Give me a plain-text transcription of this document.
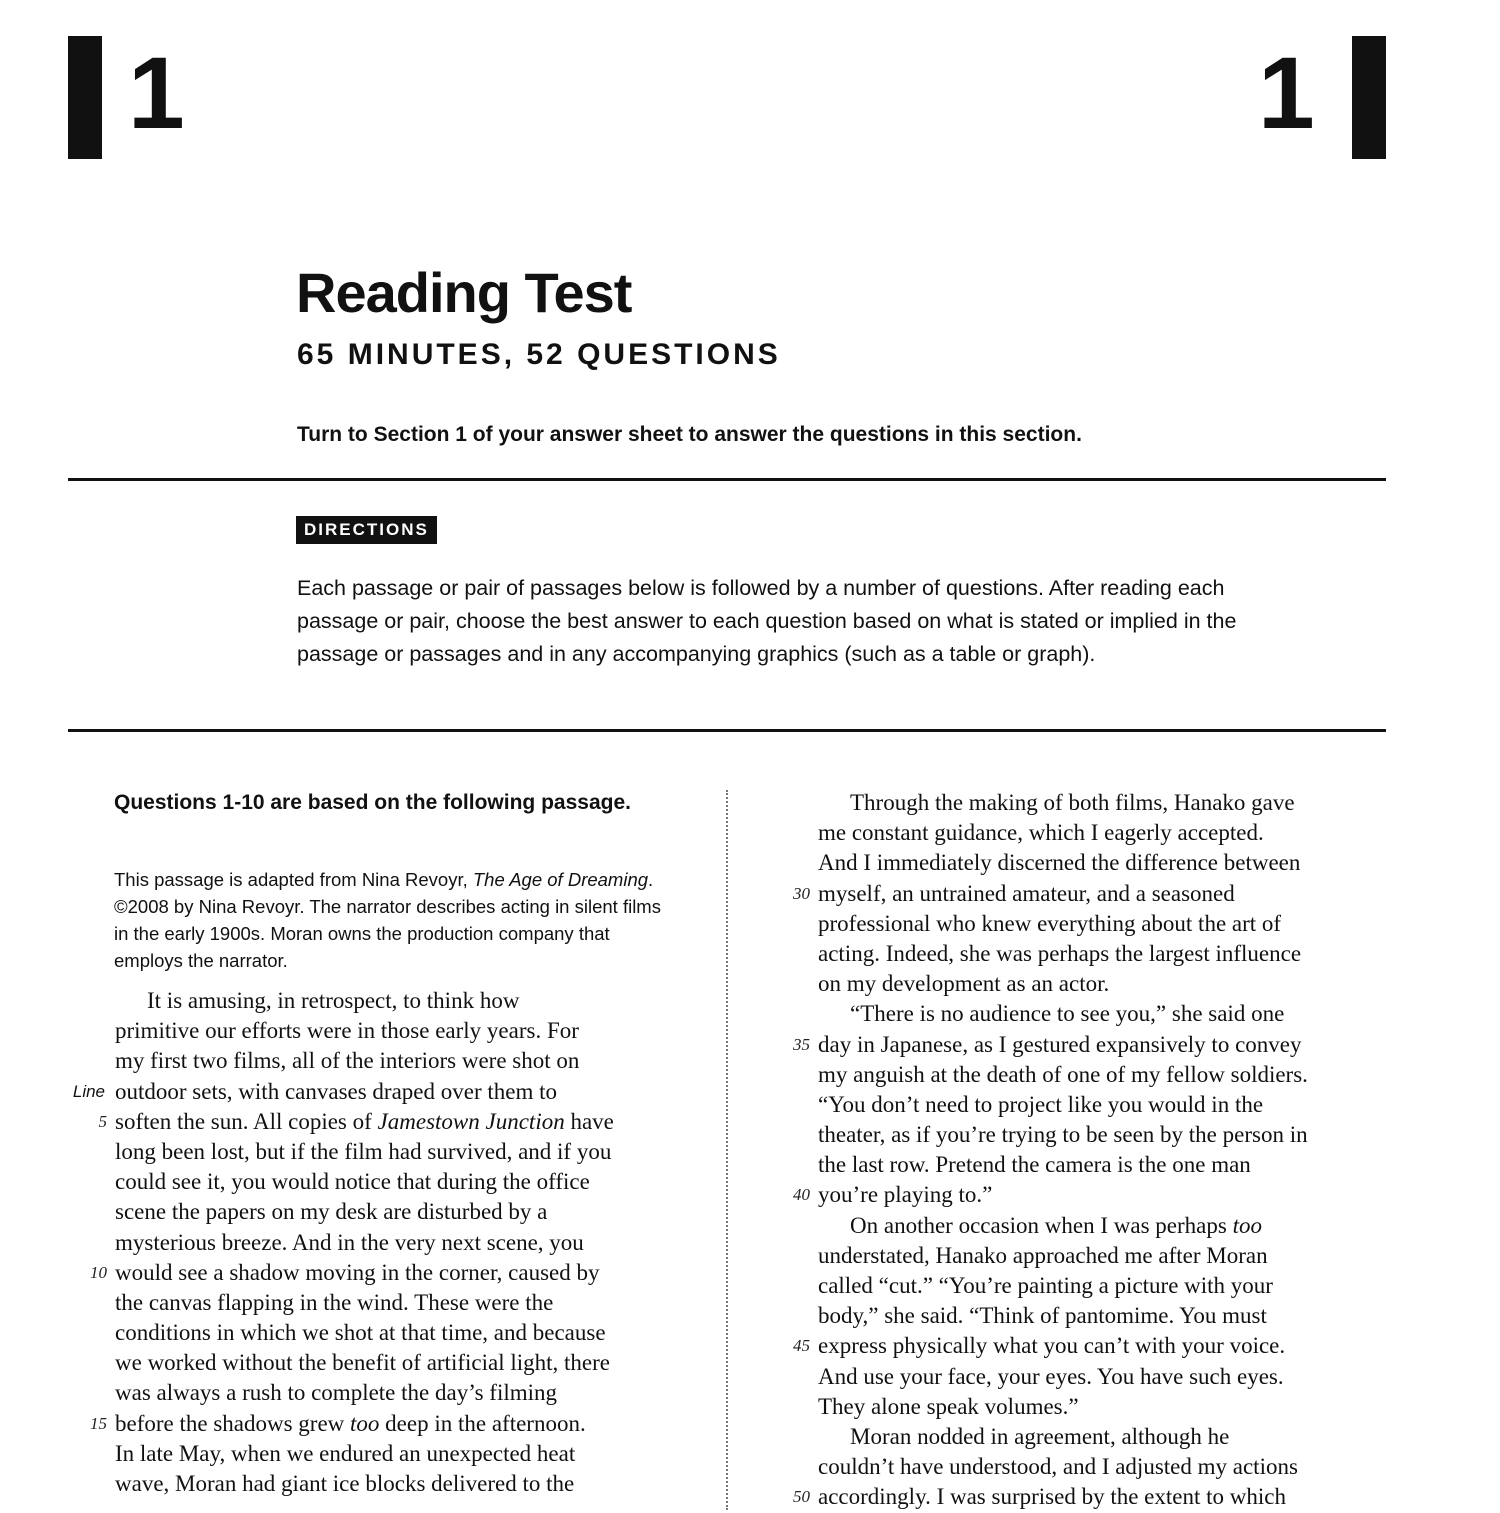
1	1
Reading Test
65 MINUTES, 52 QUESTIONS
Turn to Section 1 of your answer sheet to answer the questions in this section.
DIRECTIONS
Each passage or pair of passages below is followed by a number of questions. After reading each passage or pair, choose the best answer to each question based on what is stated or implied in the passage or passages and in any accompanying graphics (such as a table or graph).
Questions 1-10 are based on the following passage.
This passage is adapted from Nina Revoyr, The Age of Dreaming. ©2008 by Nina Revoyr. The narrator describes acting in silent films in the early 1900s. Moran owns the production company that employs the narrator.
It is amusing, in retrospect, to think how
primitive our efforts were in those early years. For
my first two films, all of the interiors were shot on
Line outdoor sets, with canvases draped over them to
5 soften the sun. All copies of Jamestown Junction have
long been lost, but if the film had survived, and if you
could see it, you would notice that during the office
scene the papers on my desk are disturbed by a
mysterious breeze. And in the very next scene, you
10 would see a shadow moving in the corner, caused by
the canvas flapping in the wind. These were the
conditions in which we shot at that time, and because
we worked without the benefit of artificial light, there
was always a rush to complete the day’s filming
15 before the shadows grew too deep in the afternoon.
In late May, when we endured an unexpected heat
wave, Moran had giant ice blocks delivered to the
Through the making of both films, Hanako gave
me constant guidance, which I eagerly accepted.
And I immediately discerned the difference between
30 myself, an untrained amateur, and a seasoned
professional who knew everything about the art of
acting. Indeed, she was perhaps the largest influence
on my development as an actor.
“There is no audience to see you,” she said one
35 day in Japanese, as I gestured expansively to convey
my anguish at the death of one of my fellow soldiers.
“You don’t need to project like you would in the
theater, as if you’re trying to be seen by the person in
the last row. Pretend the camera is the one man
40 you’re playing to.”
On another occasion when I was perhaps too
understated, Hanako approached me after Moran
called “cut.” “You’re painting a picture with your
body,” she said. “Think of pantomime. You must
45 express physically what you can’t with your voice.
And use your face, your eyes. You have such eyes.
They alone speak volumes.”
Moran nodded in agreement, although he
couldn’t have understood, and I adjusted my actions
50 accordingly. I was surprised by the extent to which
